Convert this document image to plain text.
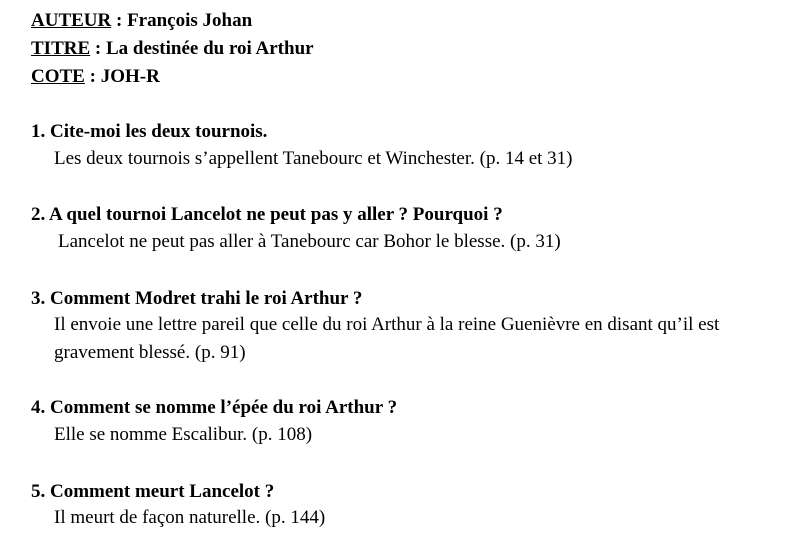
AUTEUR : François Johan
TITRE : La destinée du roi Arthur
COTE : JOH-R
1. Cite-moi les deux tournois.
Les deux tournois s’appellent Tanebourc et Winchester. (p. 14 et 31)
2. A quel tournoi Lancelot ne peut pas y aller ? Pourquoi ?
Lancelot ne peut pas aller à Tanebourc car Bohor le blesse. (p. 31)
3. Comment Modret trahi le roi Arthur ?
Il envoie une lettre pareil que celle du roi Arthur à la reine Guenièvre en disant qu’il est gravement blessé. (p. 91)
4. Comment se nomme l’épée du roi Arthur ?
Elle se nomme Escalibur. (p. 108)
5. Comment meurt Lancelot ?
Il meurt de façon naturelle. (p. 144)
